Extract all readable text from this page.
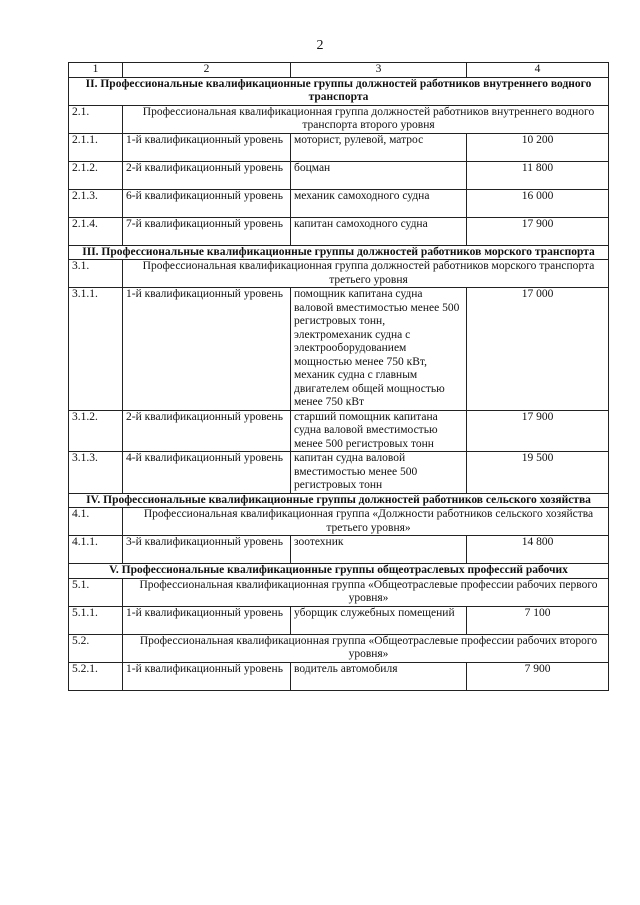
2
1	2	3	4
II. Профессиональные квалификационные группы должностей работников внутреннего водного транспорта			
2.1.	Профессиональная квалификационная группа должностей работников внутреннего водного транспорта второго уровня		
2.1.1.	1-й квалификационный уровень	моторист, рулевой, матрос	10 200
2.1.2.	2-й квалификационный уровень	боцман	11 800
2.1.3.	6-й квалификационный уровень	механик самоходного судна	16 000
2.1.4.	7-й квалификационный уровень	капитан самоходного судна	17 900
III. Профессиональные квалификационные группы должностей работников морского транспорта			
3.1.	Профессиональная квалификационная группа должностей работников морского транспорта третьего уровня		
3.1.1.	1-й квалификационный уровень	помощник капитана судна валовой вместимостью менее 500 регистровых тонн, электромеханик судна с электрооборудованием мощностью менее 750 кВт, механик судна с главным двигателем общей мощностью менее 750 кВт	17 000
3.1.2.	2-й квалификационный уровень	старший помощник капитана судна валовой вместимостью менее 500 регистровых тонн	17 900
3.1.3.	4-й квалификационный уровень	капитан судна валовой вместимостью менее 500 регистровых тонн	19 500
IV. Профессиональные квалификационные группы должностей работников сельского хозяйства			
4.1.	Профессиональная квалификационная группа «Должности работников сельского хозяйства третьего уровня»		
4.1.1.	3-й квалификационный уровень	зоотехник	14 800
V. Профессиональные квалификационные группы общеотраслевых профессий рабочих			
5.1.	Профессиональная квалификационная группа «Общеотраслевые профессии рабочих первого уровня»		
5.1.1.	1-й квалификационный уровень	уборщик служебных помещений	7 100
5.2.	Профессиональная квалификационная группа «Общеотраслевые профессии рабочих второго уровня»		
5.2.1.	1-й квалификационный уровень	водитель автомобиля	7 900
